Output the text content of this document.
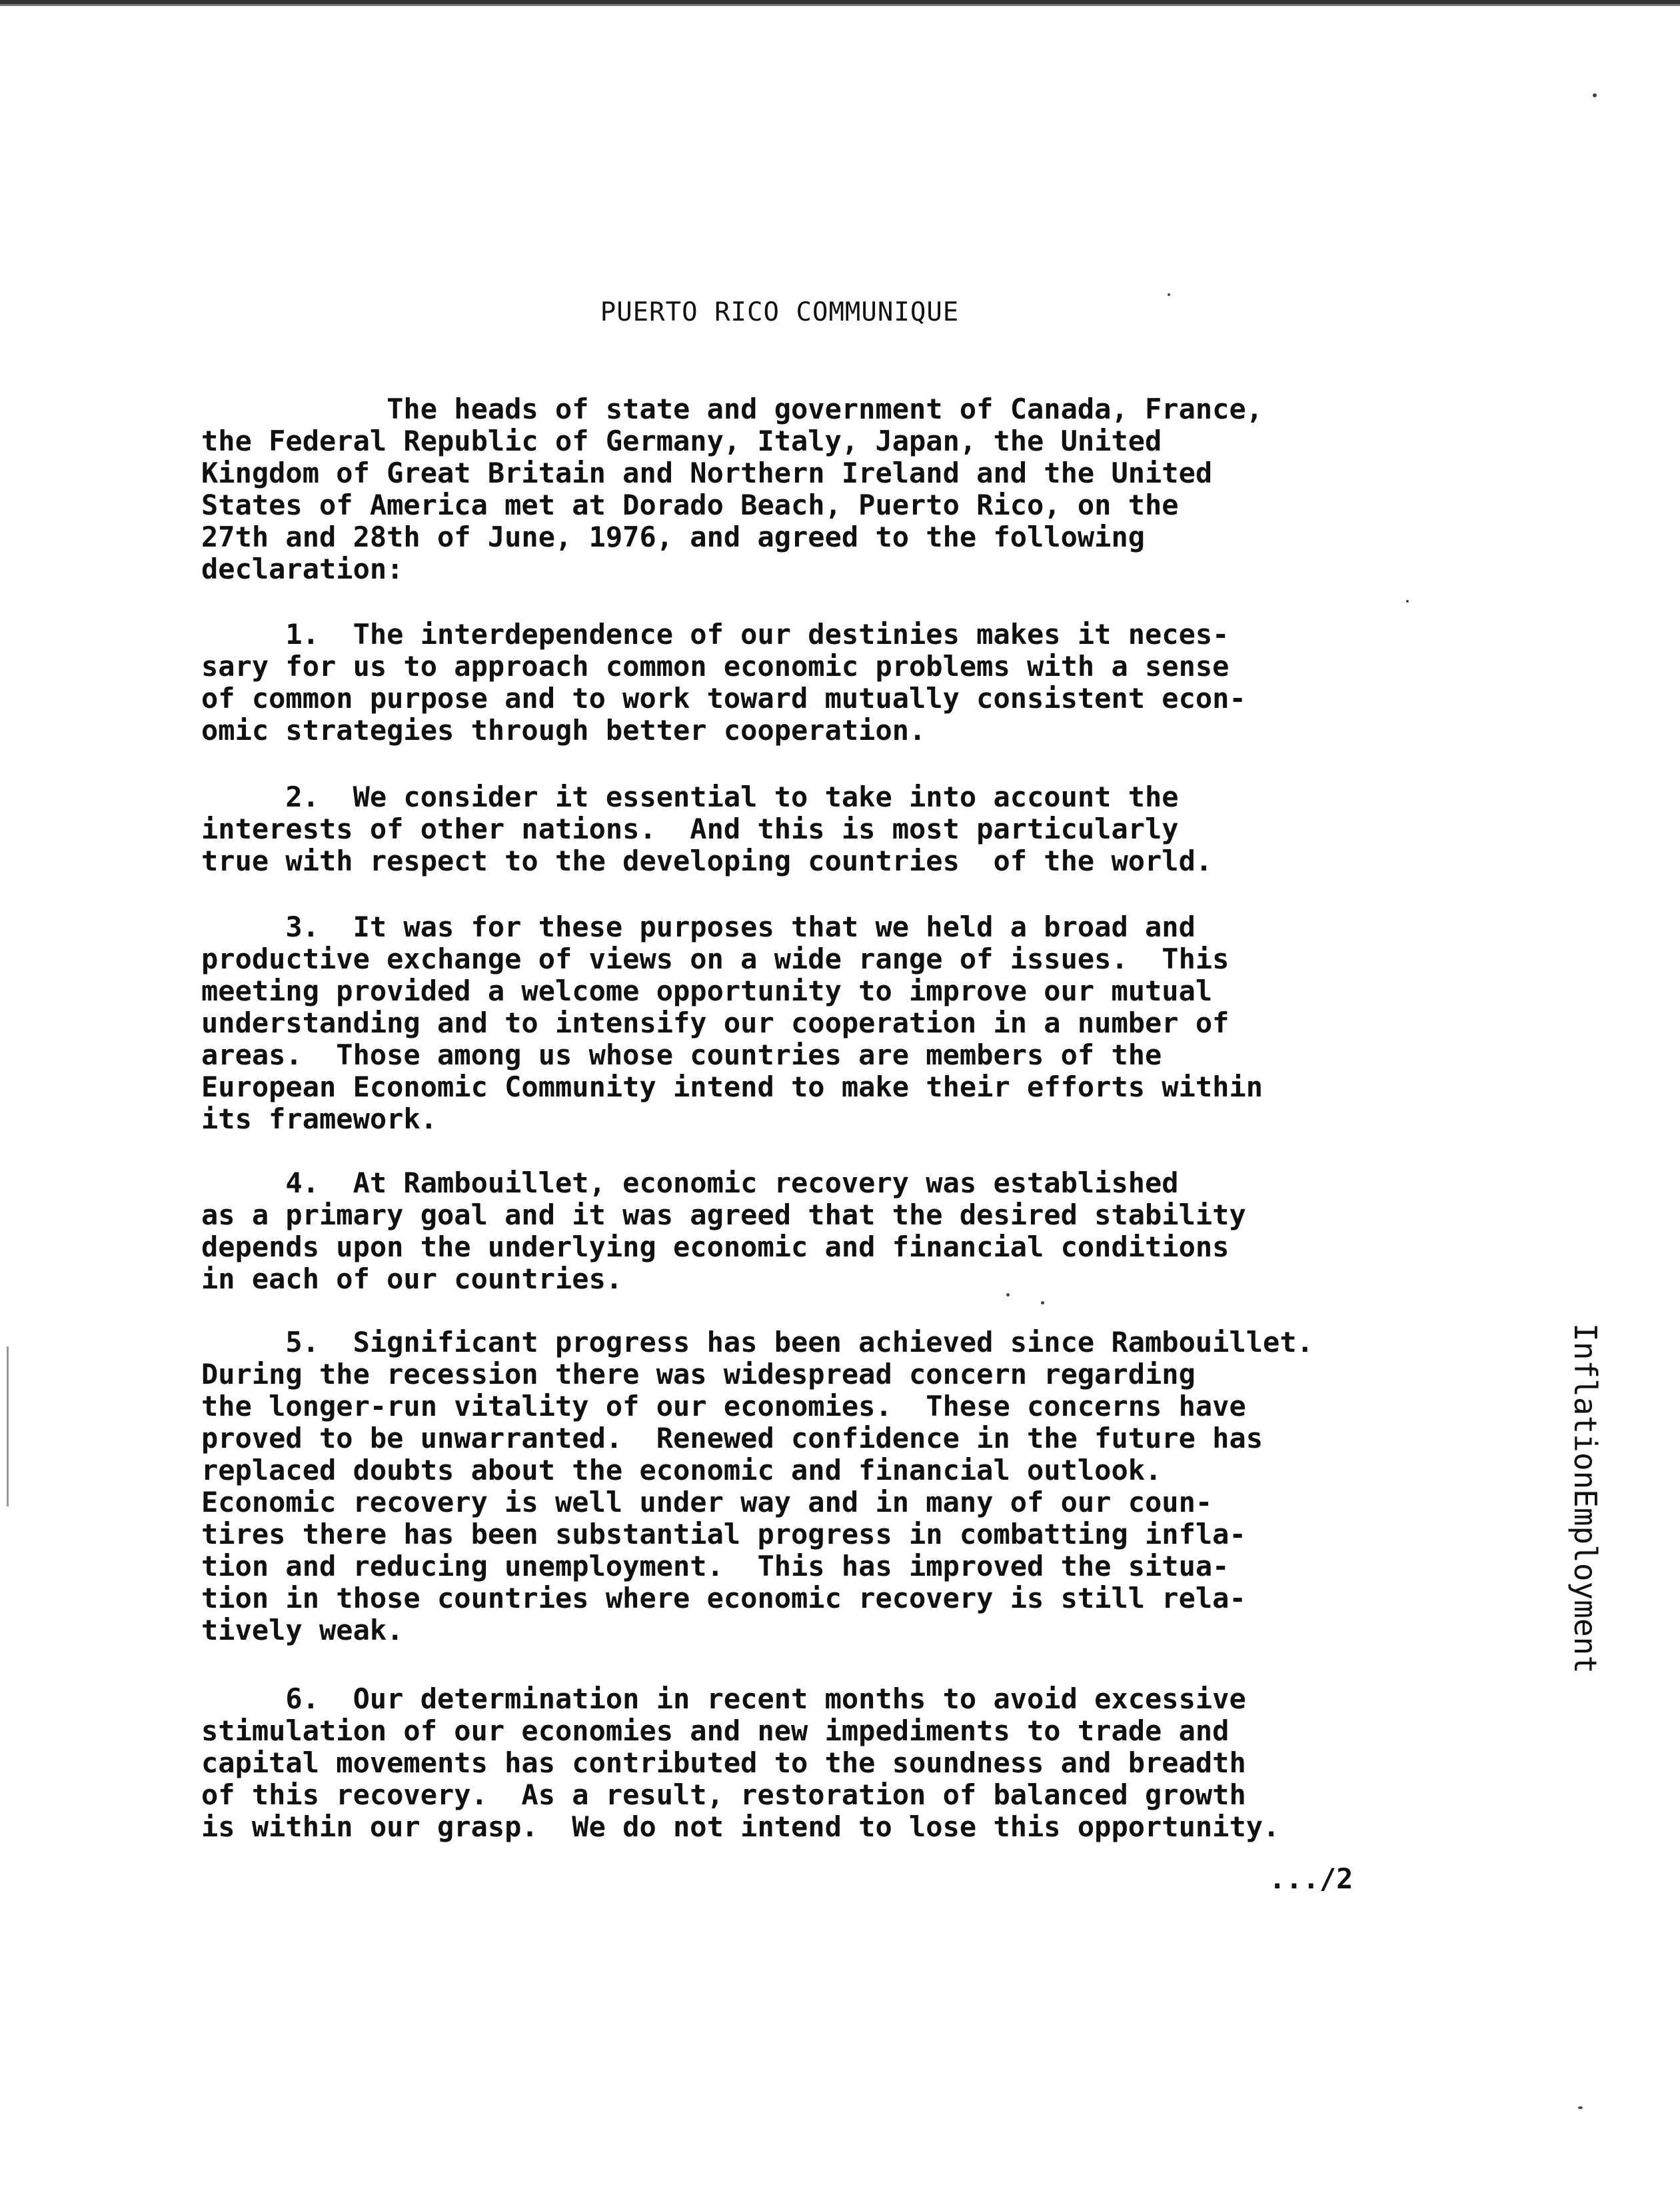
PUERTO RICO COMMUNIQUE

The heads of state and government of Canada, France,
the Federal Republic of Germany, Italy, Japan, the United
Kingdom of Great Britain and Northern Ireland and the United
States of America met at Dorado Beach, Puerto Rico, on the
27th and 28th of June, 1976, and agreed to the following
declaration:

1.  The interdependence of our destinies makes it neces-
sary for us to approach common economic problems with a sense
of common purpose and to work toward mutually consistent econ-
omic strategies through better cooperation.

2.  We consider it essential to take into account the
interests of other nations.  And this is most particularly
true with respect to the developing countries  of the world.

3.  It was for these purposes that we held a broad and
productive exchange of views on a wide range of issues.  This
meeting provided a welcome opportunity to improve our mutual
understanding and to intensify our cooperation in a number of
areas.  Those among us whose countries are members of the
European Economic Community intend to make their efforts within
its framework.

4.  At Rambouillet, economic recovery was established
as a primary goal and it was agreed that the desired stability
depends upon the underlying economic and financial conditions
in each of our countries.

5.  Significant progress has been achieved since Rambouillet.
During the recession there was widespread concern regarding
the longer-run vitality of our economies.  These concerns have
proved to be unwarranted.  Renewed confidence in the future has
replaced doubts about the economic and financial outlook.
Economic recovery is well under way and in many of our coun-
tires there has been substantial progress in combatting infla-
tion and reducing unemployment.  This has improved the situa-
tion in those countries where economic recovery is still rela-
tively weak.

6.  Our determination in recent months to avoid excessive
stimulation of our economies and new impediments to trade and
capital movements has contributed to the soundness and breadth
of this recovery.  As a result, restoration of balanced growth
is within our grasp.  We do not intend to lose this opportunity.

.../2
Inflation
Employment
